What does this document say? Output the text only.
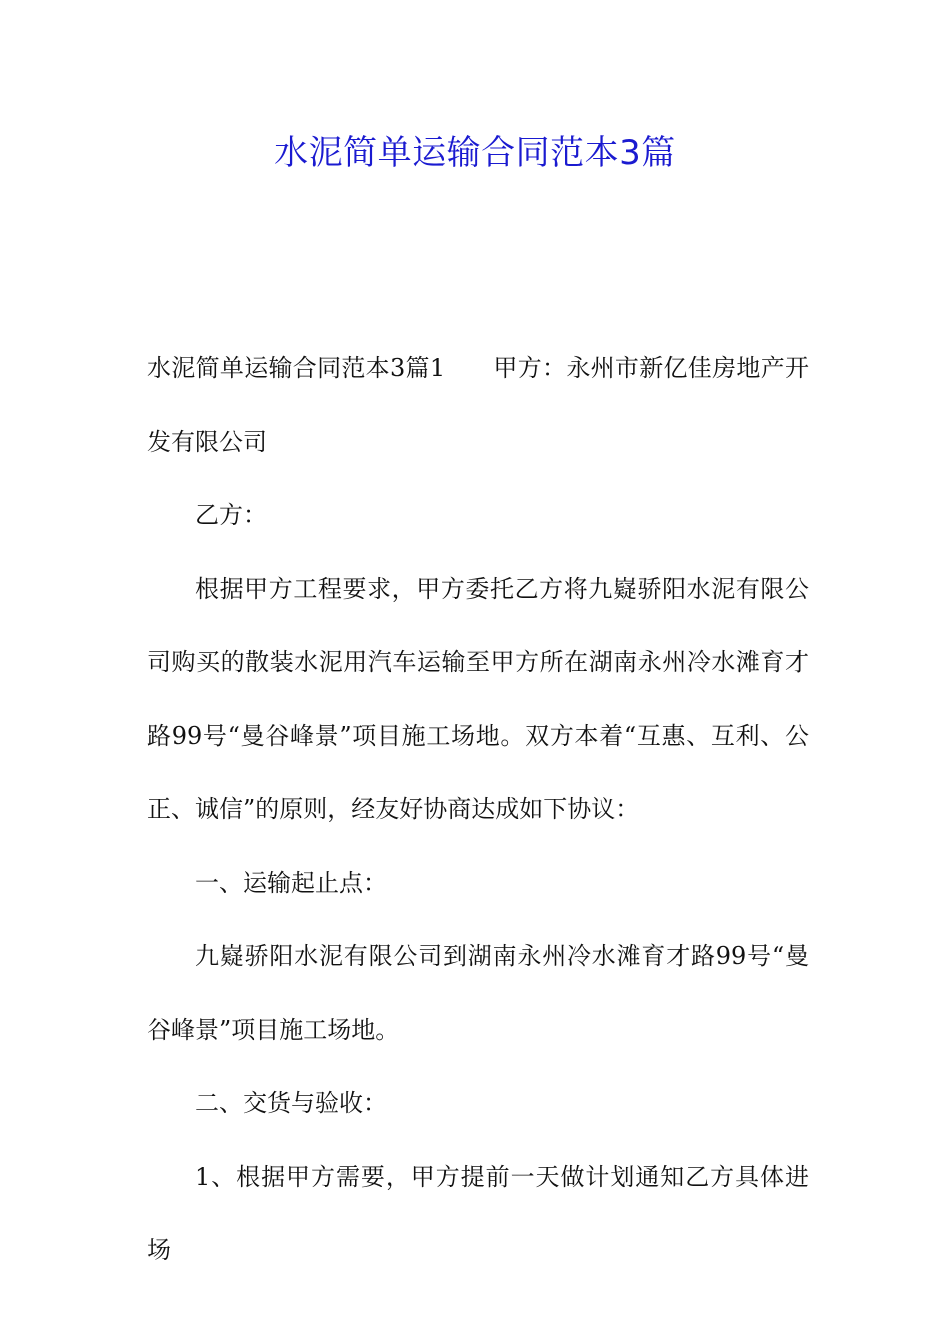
水泥简单运输合同范本3篇

水泥简单运输合同范本3篇1 甲方：永州市新亿佳房地产开发有限公司

乙方：

根据甲方工程要求，甲方委托乙方将九嶷骄阳水泥有限公司购买的散装水泥用汽车运输至甲方所在湖南永州冷水滩育才路99号“曼谷峰景”项目施工场地。双方本着“互惠、互利、公正、诚信”的原则，经友好协商达成如下协议：

一、运输起止点：

九嶷骄阳水泥有限公司到湖南永州冷水滩育才路99号“曼谷峰景”项目施工场地。

二、交货与验收：

1、根据甲方需要，甲方提前一天做计划通知乙方具体进场
